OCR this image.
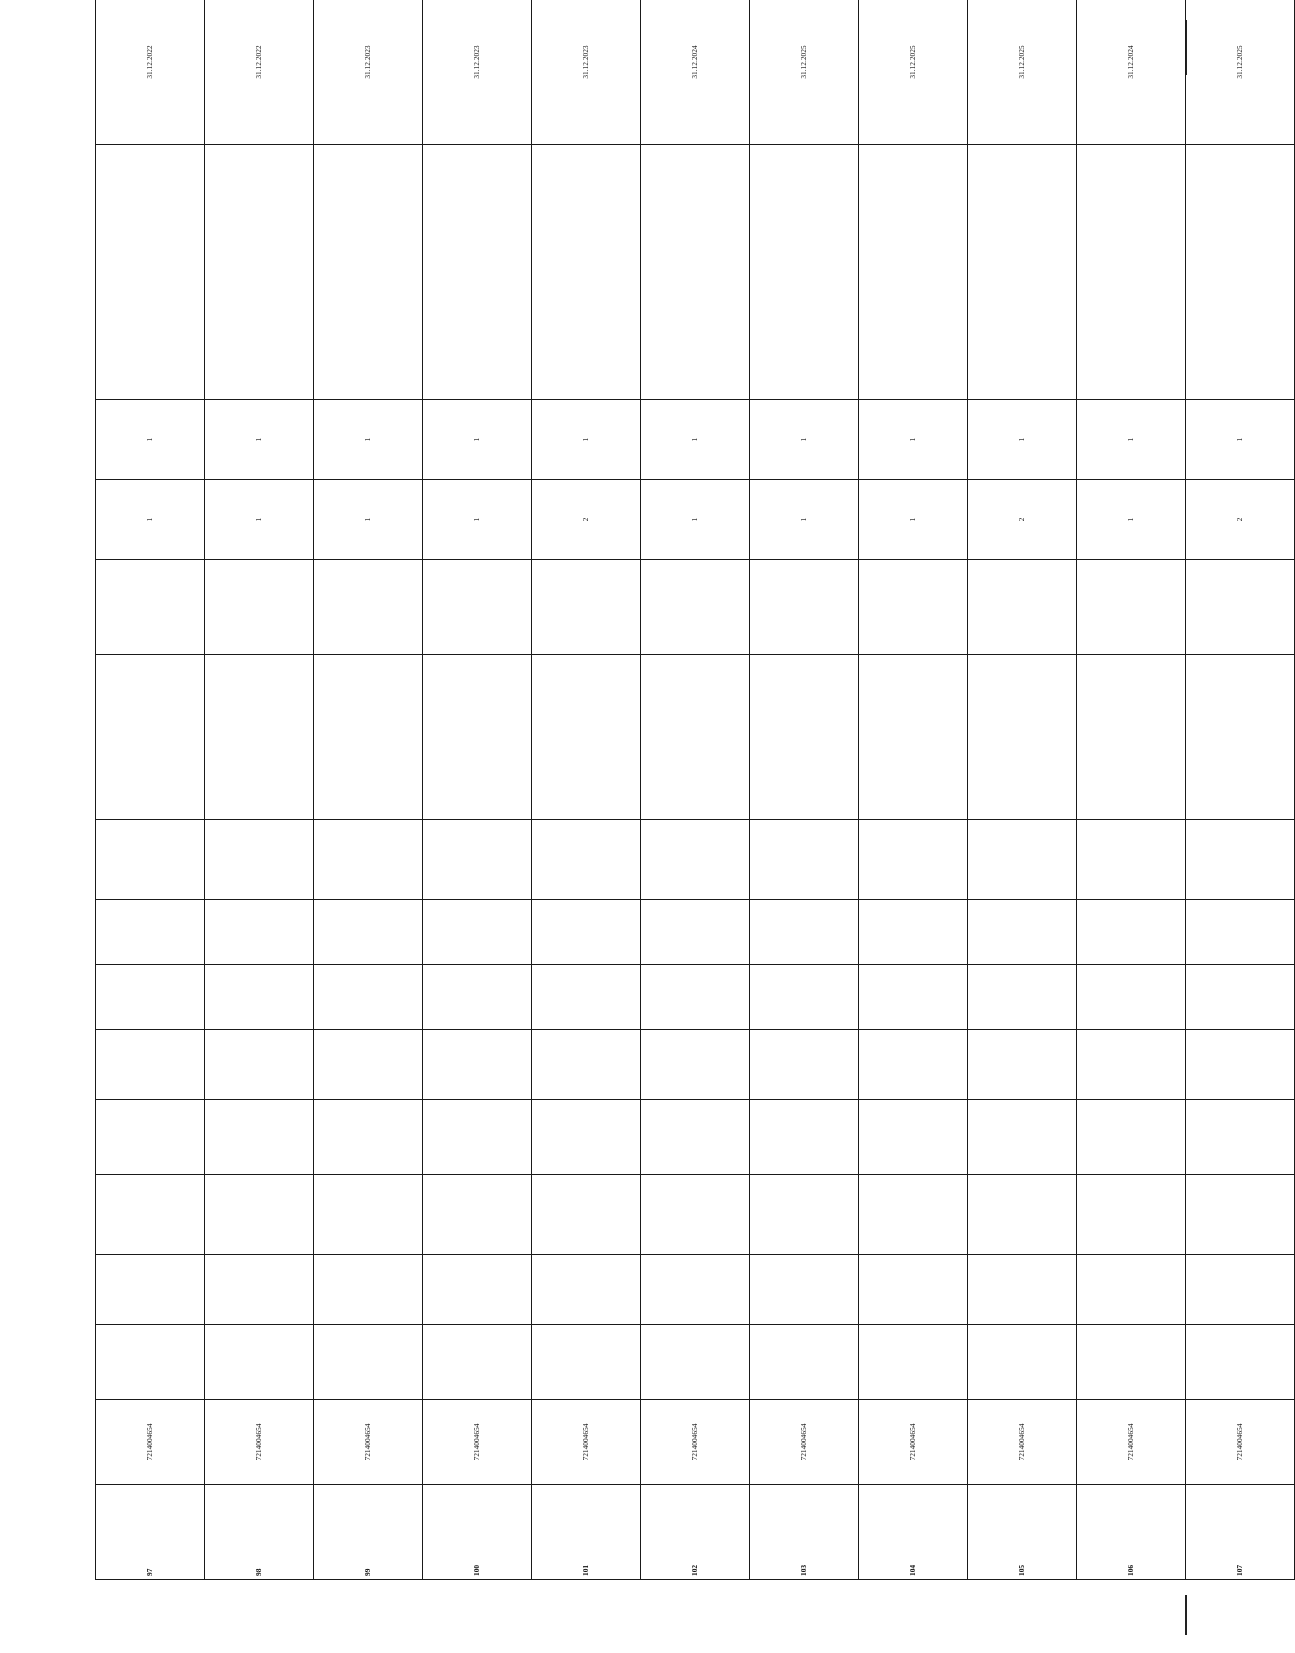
97	7214004654											1	1		31.12.2022
98	7214004654											1	1		31.12.2022
99	7214004654											1	1		31.12.2023
100	7214004654											1	1		31.12.2023
101	7214004654											2	1		31.12.2023
102	7214004654											1	1		31.12.2024
103	7214004654											1	1		31.12.2025
104	7214004654											1	1		31.12.2025
105	7214004654											2	1		31.12.2025
106	7214004654											1	1		31.12.2024
107	7214004654											2	1		31.12.2025
